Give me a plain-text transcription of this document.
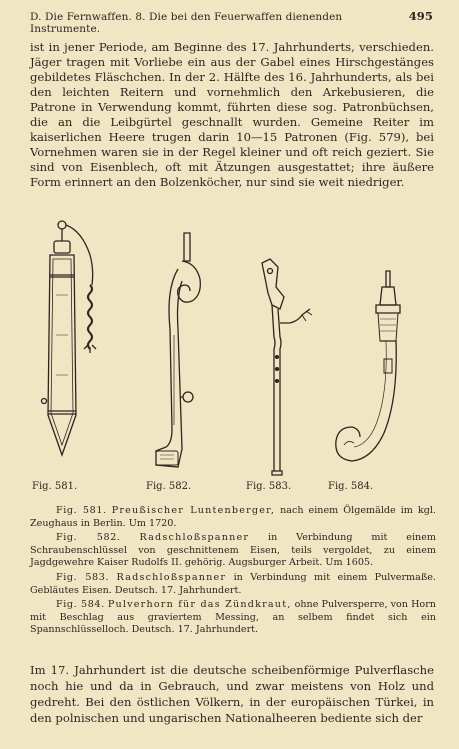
D. Die Fernwaffen. 8. Die bei den Feuerwaffen dienenden Instrumente.
495
ist in jener Periode, am Beginne des 17. Jahrhunderts, verschieden. Jäger tragen mit Vorliebe ein aus der Gabel eines Hirschgestänges gebildetes Fläschchen. In der 2. Hälfte des 16. Jahrhunderts, als bei den leichten Reitern und vornehmlich den Arkebusieren, die Patrone in Verwendung kommt, führten diese sog. Patronbüchsen, die an die Leibgürtel geschnallt wurden. Gemeine Reiter im kaiserlichen Heere trugen darin 10—15 Patronen (Fig. 579), bei Vornehmen waren sie in der Regel kleiner und oft reich geziert. Sie sind von Eisenblech, oft mit Ätzungen ausgestattet; ihre äußere Form erinnert an den Bolzenköcher, nur sind sie weit niedriger.
Fig. 581.	Fig. 582.	Fig. 583.	Fig. 584.

Fig. 581. Preußischer Luntenberger, nach einem Ölgemälde im kgl. Zeughaus in Berlin. Um 1720.

Fig. 582. Radschloßspanner in Verbindung mit einem Schraubenschlüssel von geschnittenem Eisen, teils vergoldet, zu einem Jagdgewehre Kaiser Rudolfs II. gehörig. Augsburger Arbeit. Um 1605.

Fig. 583. Radschloßspanner in Verbindung mit einem Pulvermaße. Gebläutes Eisen. Deutsch. 17. Jahrhundert.

Fig. 584. Pulverhorn für das Zündkraut, ohne Pulversperre, von Horn mit Beschlag aus graviertem Messing, an selbem findet sich ein Spannschlüsselloch. Deutsch. 17. Jahrhundert.

Im 17. Jahrhundert ist die deutsche scheibenförmige Pulverflasche noch hie und da in Gebrauch, und zwar meistens von Holz und gedreht. Bei den östlichen Völkern, in der europäischen Türkei, in den polnischen und ungarischen Nationalheeren bediente sich der
